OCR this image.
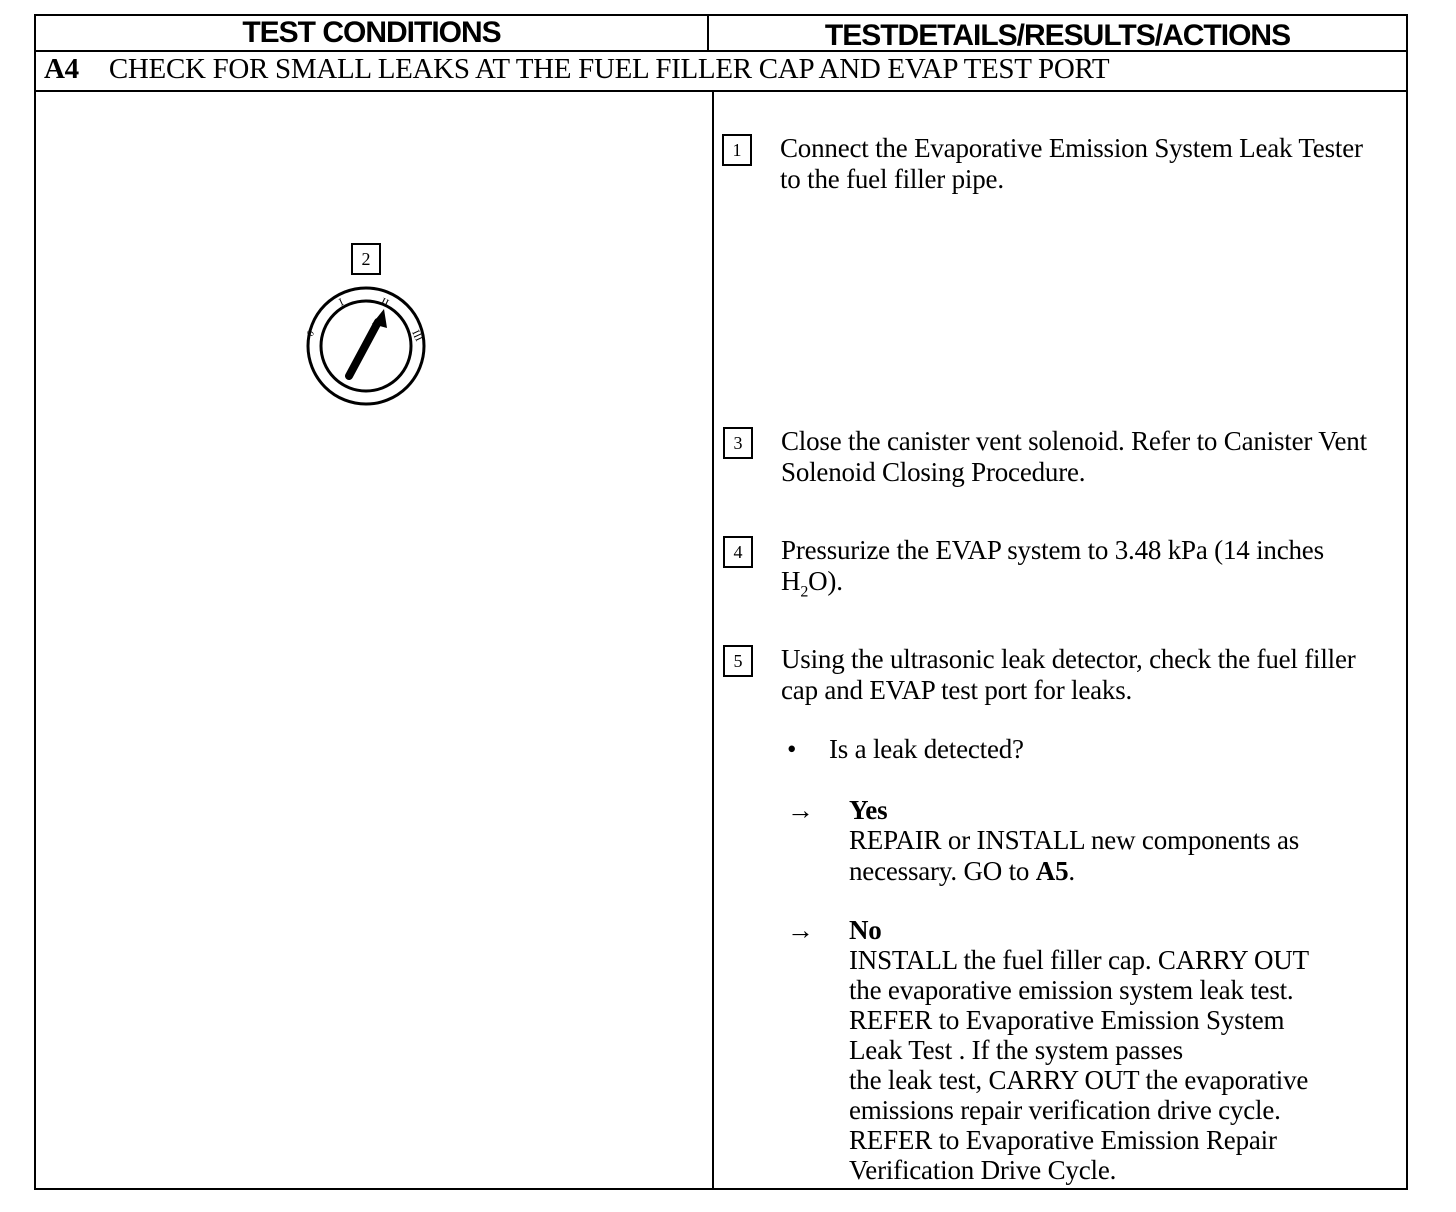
TEST CONDITIONS	TESTDETAILS/RESULTS/ACTIONS
A4 CHECK FOR SMALL LEAKS AT THE FUEL FILLER CAP AND EVAP TEST PORT
2
0
I	II
III
1	Connect the Evaporative Emission System Leak Tester to the fuel filler pipe.
3	Close the canister vent solenoid. Refer to Canister Vent Solenoid Closing Procedure.
4	Pressurize the EVAP system to 3.48 kPa (14 inches
$H_2O$).
5	Using the ultrasonic leak detector, check the fuel filler cap and EVAP test port for leaks.
• Is a leak detected?
→ Yes
REPAIR or INSTALL new components as necessary. GO to A5.
→ No
INSTALL the fuel filler cap. CARRY OUT
the evaporative emission system leak test.
REFER to Evaporative Emission System
Leak Test . If the system passes
the leak test, CARRY OUT the evaporative
emissions repair verification drive cycle.
REFER to Evaporative Emission Repair
Verification Drive Cycle.
